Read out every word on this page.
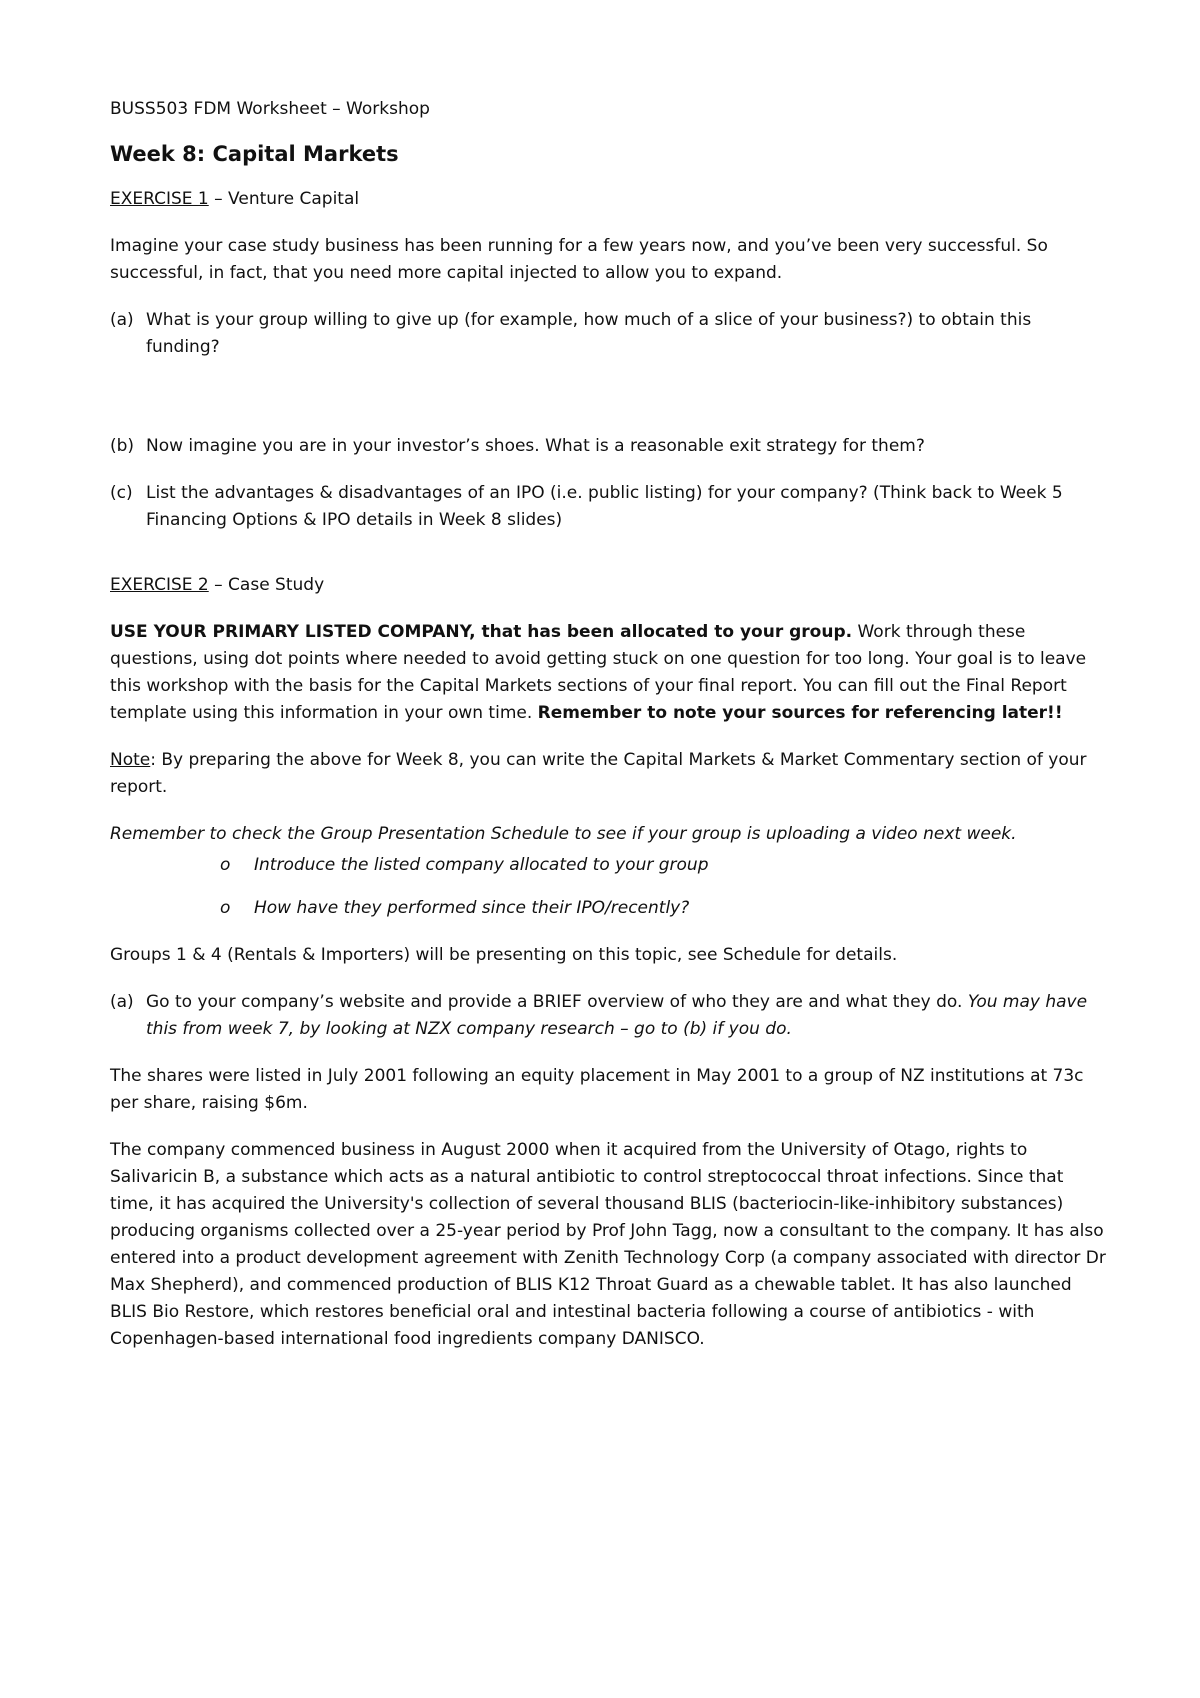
BUSS503 FDM Worksheet – Workshop

Week 8: Capital Markets

EXERCISE 1 – Venture Capital

Imagine your case study business has been running for a few years now, and you’ve been very successful. So successful, in fact, that you need more capital injected to allow you to expand.

(a) What is your group willing to give up (for example, how much of a slice of your business?) to obtain this funding?
(b) Now imagine you are in your investor’s shoes. What is a reasonable exit strategy for them?
(c) List the advantages & disadvantages of an IPO (i.e. public listing) for your company? (Think back to Week 5 Financing Options & IPO details in Week 8 slides)

EXERCISE 2 – Case Study

USE YOUR PRIMARY LISTED COMPANY, that has been allocated to your group. Work through these questions, using dot points where needed to avoid getting stuck on one question for too long. Your goal is to leave this workshop with the basis for the Capital Markets sections of your final report. You can fill out the Final Report template using this information in your own time. Remember to note your sources for referencing later!!

Note: By preparing the above for Week 8, you can write the Capital Markets & Market Commentary section of your report.

Remember to check the Group Presentation Schedule to see if your group is uploading a video next week.

o	Introduce the listed company allocated to your group
o	How have they performed since their IPO/recently?

Groups 1 & 4 (Rentals & Importers) will be presenting on this topic, see Schedule for details.

(a) Go to your company’s website and provide a BRIEF overview of who they are and what they do. You may have this from week 7, by looking at NZX company research – go to (b) if you do.

The shares were listed in July 2001 following an equity placement in May 2001 to a group of NZ institutions at 73c per share, raising $6m.

The company commenced business in August 2000 when it acquired from the University of Otago, rights to Salivaricin B, a substance which acts as a natural antibiotic to control streptococcal throat infections. Since that time, it has acquired the University's collection of several thousand BLIS (bacteriocin-like-inhibitory substances) producing organisms collected over a 25-year period by Prof John Tagg, now a consultant to the company. It has also entered into a product development agreement with Zenith Technology Corp (a company associated with director Dr Max Shepherd), and commenced production of BLIS K12 Throat Guard as a chewable tablet. It has also launched BLIS Bio Restore, which restores beneficial oral and intestinal bacteria following a course of antibiotics - with Copenhagen-based international food ingredients company DANISCO.
